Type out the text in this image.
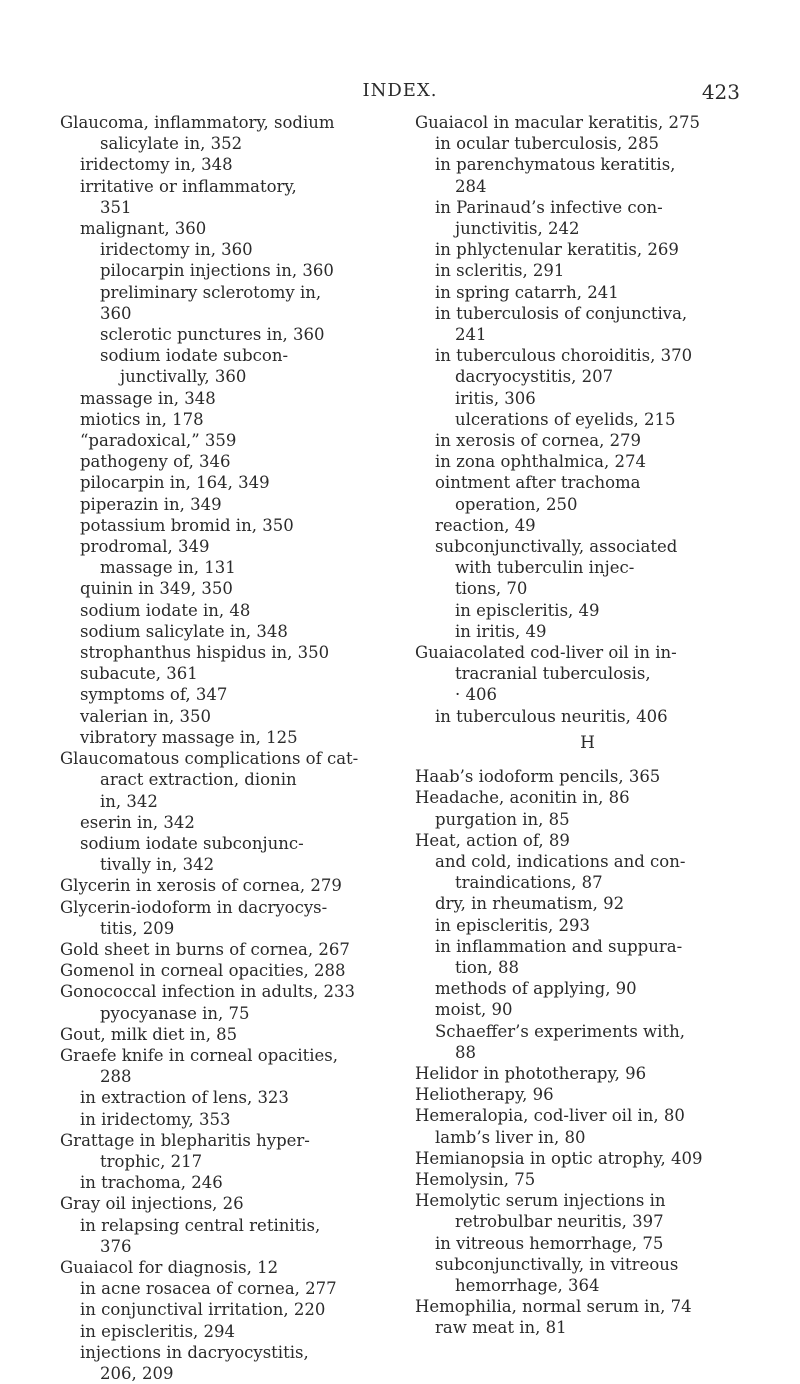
INDEX.	423
Glaucoma, inflammatory, sodium
salicylate in, 352
iridectomy in, 348
irritative or inflammatory,
351
malignant, 360
iridectomy in, 360
pilocarpin injections in, 360
preliminary sclerotomy in,
360
sclerotic punctures in, 360
sodium iodate subcon-
junctivally, 360
massage in, 348
miotics in, 178
“paradoxical,” 359
pathogeny of, 346
pilocarpin in, 164, 349
piperazin in, 349
potassium bromid in, 350
prodromal, 349
massage in, 131
quinin in 349, 350
sodium iodate in, 48
sodium salicylate in, 348
strophanthus hispidus in, 350
subacute, 361
symptoms of, 347
valerian in, 350
vibratory massage in, 125
Glaucomatous complications of cat-
aract extraction, dionin
in, 342
eserin in, 342
sodium iodate subconjunc-
tivally in, 342
Glycerin in xerosis of cornea, 279
Glycerin-iodoform in dacryocys-
titis, 209
Gold sheet in burns of cornea, 267
Gomenol in corneal opacities, 288
Gonococcal infection in adults, 233
pyocyanase in, 75
Gout, milk diet in, 85
Graefe knife in corneal opacities,
288
in extraction of lens, 323
in iridectomy, 353
Grattage in blepharitis hyper-
trophic, 217
in trachoma, 246
Gray oil injections, 26
in relapsing central retinitis,
376
Guaiacol for diagnosis, 12
in acne rosacea of cornea, 277
in conjunctival irritation, 220
in episcleritis, 294
injections in dacryocystitis,
206, 209
Guaiacol in macular keratitis, 275
in ocular tuberculosis, 285
in parenchymatous keratitis,
284
in Parinaud’s infective con-
junctivitis, 242
in phlyctenular keratitis, 269
in scleritis, 291
in spring catarrh, 241
in tuberculosis of conjunctiva,
241
in tuberculous choroiditis, 370
dacryocystitis, 207
iritis, 306
ulcerations of eyelids, 215
in xerosis of cornea, 279
in zona ophthalmica, 274
ointment after trachoma
operation, 250
reaction, 49
subconjunctivally, associated
with tuberculin injec-
tions, 70
in episcleritis, 49
in iritis, 49
Guaiacolated cod-liver oil in in-
tracranial tuberculosis,
· 406
in tuberculous neuritis, 406
H
Haab’s iodoform pencils, 365
Headache, aconitin in, 86
purgation in, 85
Heat, action of, 89
and cold, indications and con-
traindications, 87
dry, in rheumatism, 92
in episcleritis, 293
in inflammation and suppura-
tion, 88
methods of applying, 90
moist, 90
Schaeffer’s experiments with,
88
Helidor in phototherapy, 96
Heliotherapy, 96
Hemeralopia, cod-liver oil in, 80
lamb’s liver in, 80
Hemianopsia in optic atrophy, 409
Hemolysin, 75
Hemolytic serum injections in
retrobulbar neuritis, 397
in vitreous hemorrhage, 75
subconjunctivally, in vitreous
hemorrhage, 364
Hemophilia, normal serum in, 74
raw meat in, 81
